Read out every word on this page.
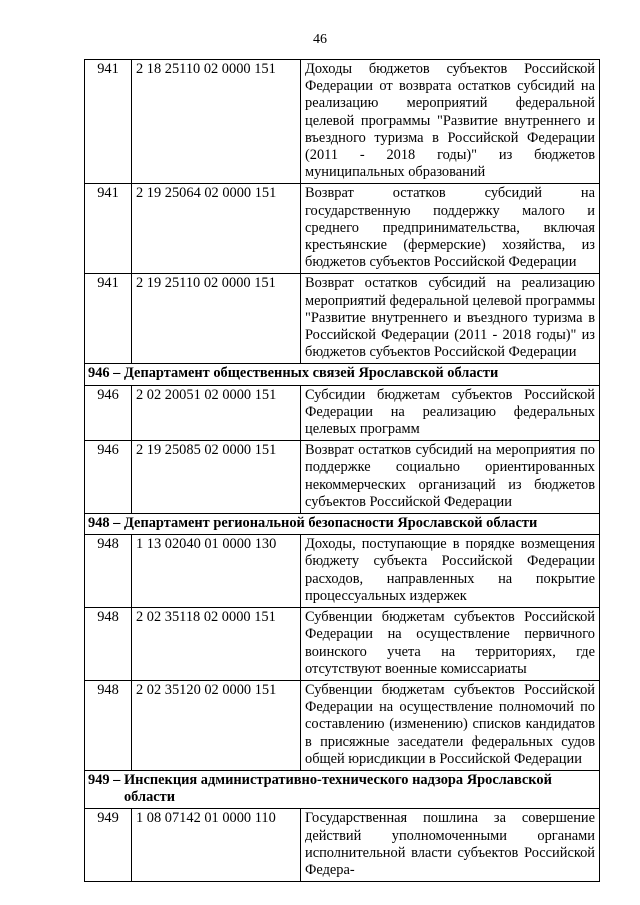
46
941	2 18 25110 02 0000 151	Доходы бюджетов субъектов Российской Федерации от возврата остатков субсидий на реализацию мероприятий федеральной целевой программы "Развитие внутреннего и въездного туризма в Российской Федерации (2011 - 2018 годы)" из бюджетов муниципальных образований
941	2 19 25064 02 0000 151	Возврат остатков субсидий на государственную поддержку малого и среднего предпринимательства, включая крестьянские (фермерские) хозяйства, из бюджетов субъектов Российской Федерации
941	2 19 25110 02 0000 151	Возврат остатков субсидий на реализацию мероприятий федеральной целевой программы "Развитие внутреннего и въездного туризма в Российской Федерации (2011 - 2018 годы)" из бюджетов субъектов Российской Федерации

946 – Департамент общественных связей Ярославской области		

946	2 02 20051 02 0000 151	Субсидии бюджетам субъектов Российской Федерации на реализацию федеральных целевых программ
946	2 19 25085 02 0000 151	Возврат остатков субсидий на мероприятия по поддержке социально ориентированных некоммерческих организаций из бюджетов субъектов Российской Федерации

948 – Департамент региональной безопасности Ярославской области		

948	1 13 02040 01 0000 130	Доходы, поступающие в порядке возмещения бюджету субъекта Российской Федерации расходов, направленных на покрытие процессуальных издержек
948	2 02 35118 02 0000 151	Субвенции бюджетам субъектов Российской Федерации на осуществление первичного воинского учета на территориях, где отсутствуют военные комиссариаты
948	2 02 35120 02 0000 151	Субвенции бюджетам субъектов Российской Федерации на осуществление полномочий по составлению (изменению) списков кандидатов в присяжные заседатели федеральных судов общей юрисдикции в Российской Федерации

949 – Инспекция административно-технического надзора Ярославской области		

949	1 08 07142 01 0000 110	Государственная пошлина за совершение действий уполномоченными органами исполнительной власти субъектов Российской Федера-
